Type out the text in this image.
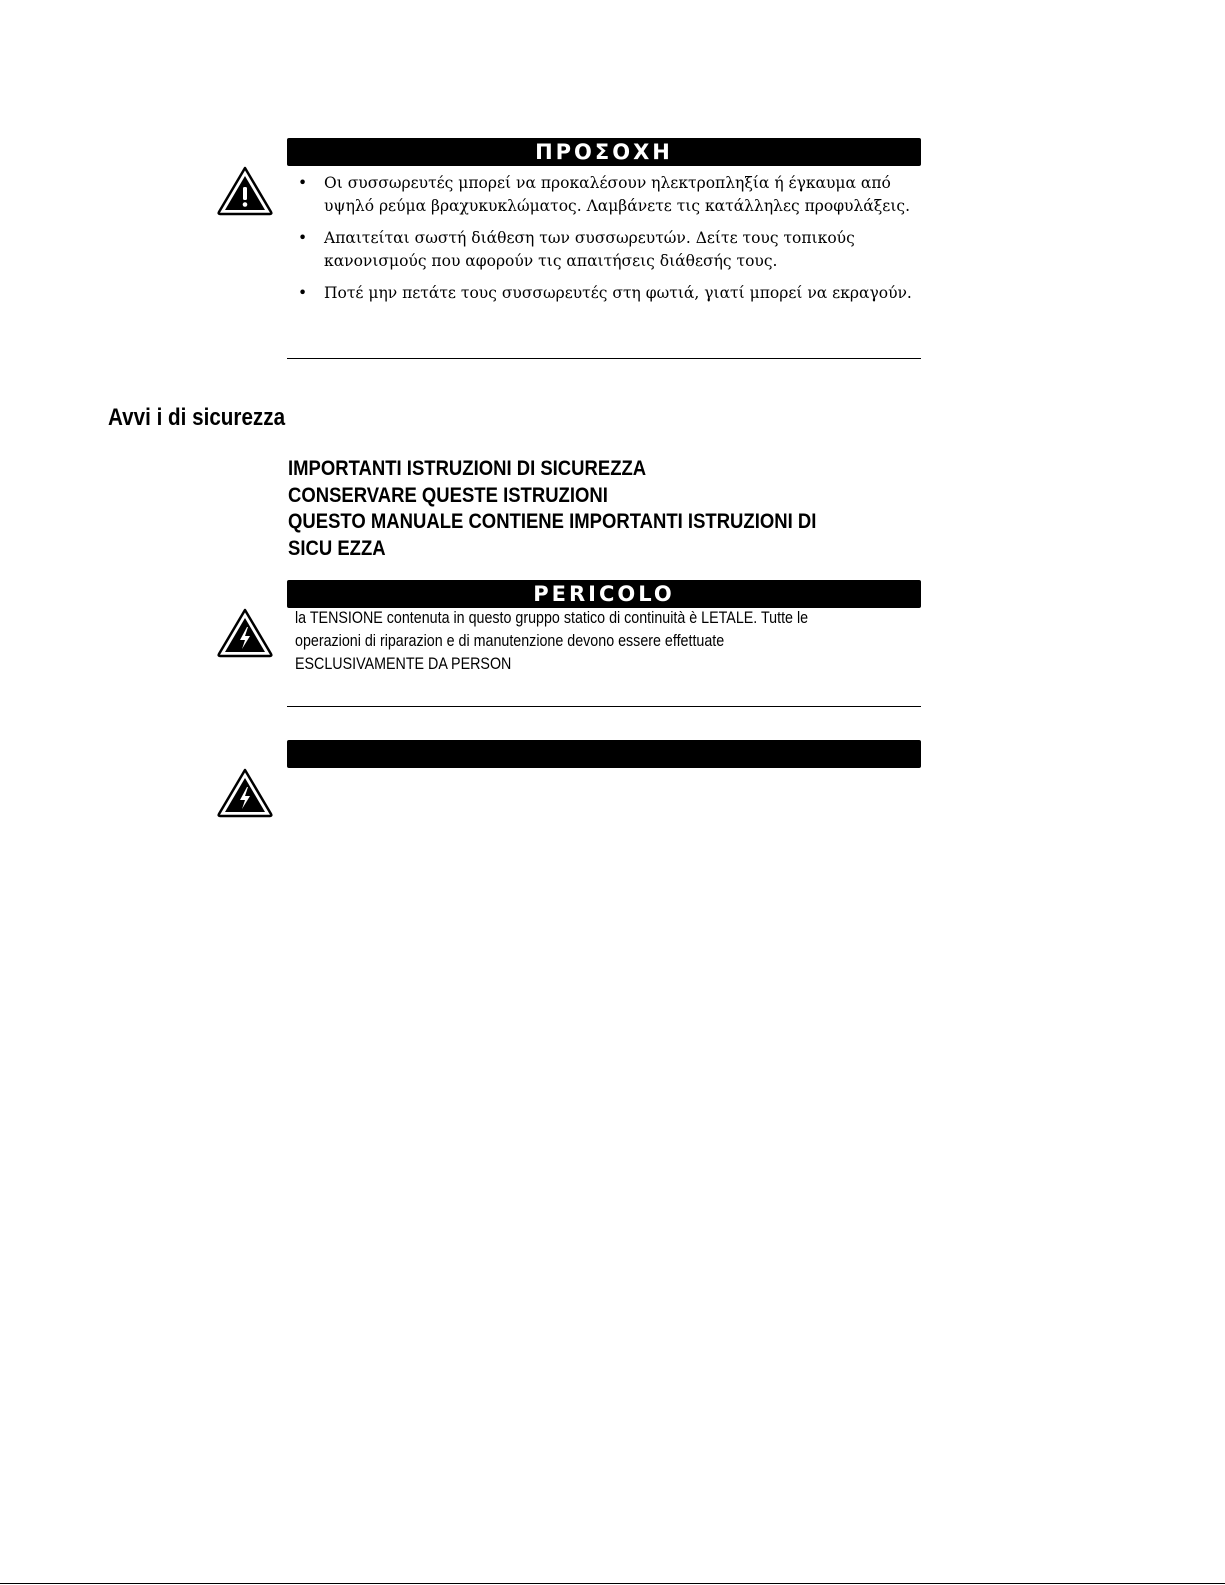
ΠΡΟΣΟΧΗ
• Οι συσσωρευτές μπορεί να προκαλέσουν ηλεκτροπληξία ή έγκαυμα από υψηλό ρεύμα βραχυκυκλώματος. Λαμβάνετε τις κατάλληλες προφυλάξεις.
• Απαιτείται σωστή διάθεση των συσσωρευτών. Δείτε τους τοπικούς κανονισμούς που αφορούν τις απαιτήσεις διάθεσής τους.
• Ποτέ μην πετάτε τους συσσωρευτές στη φωτιά, γιατί μπορεί να εκραγούν.
Avvi i di sicurezza
IMPORTANTI ISTRUZIONI DI SICUREZZA
CONSERVARE QUESTE ISTRUZIONI
QUESTO MANUALE CONTIENE IMPORTANTI ISTRUZIONI DI
SICU EZZA
PERICOLO
la TENSIONE contenuta in questo gruppo statico di continuità è LETALE. Tutte le
operazioni di riparazion e di manutenzione devono essere effettuate
ESCLUSIVAMENTE DA PERSON
